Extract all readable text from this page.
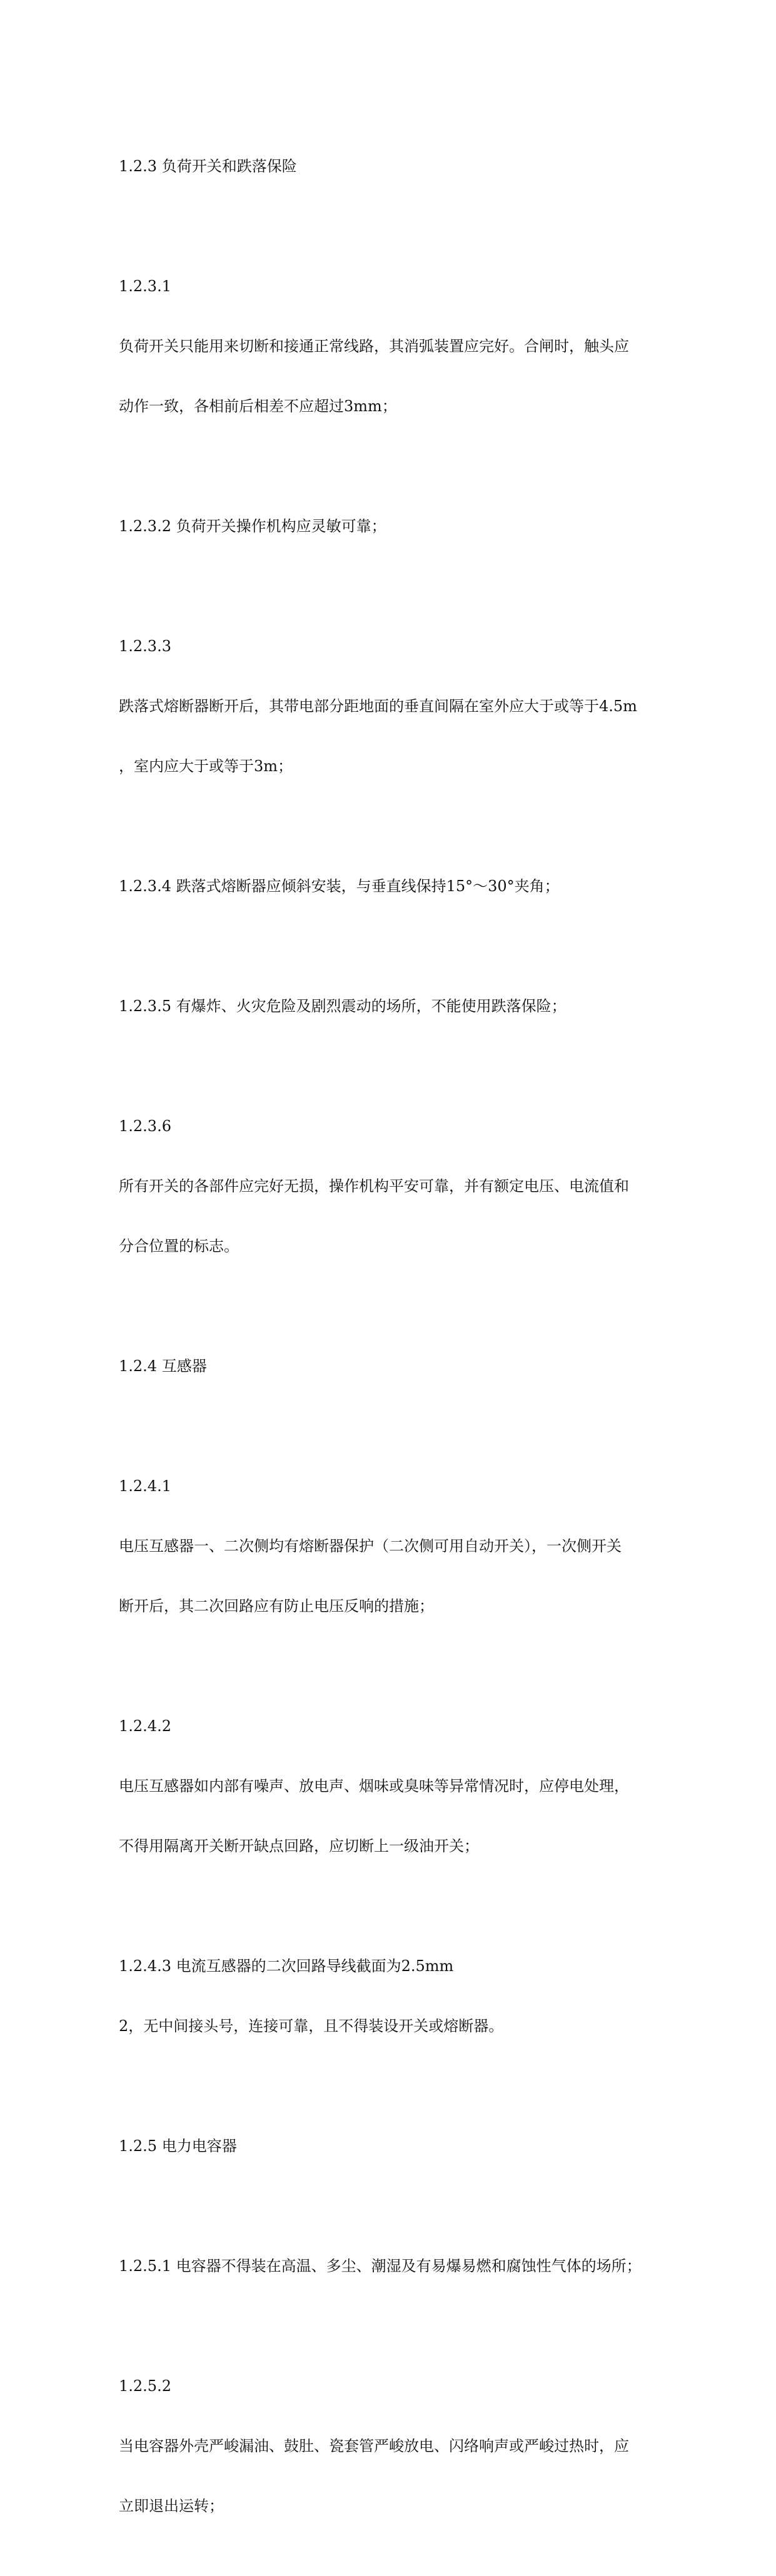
1.2.3 负荷开关和跌落保险

1.2.3.1

负荷开关只能用来切断和接通正常线路，其消弧装置应完好。合闸时，触头应

动作一致，各相前后相差不应超过3mm；

1.2.3.2 负荷开关操作机构应灵敏可靠；

1.2.3.3

跌落式熔断器断开后，其带电部分距地面的垂直间隔在室外应大于或等于4.5m

，室内应大于或等于3m；

1.2.3.4 跌落式熔断器应倾斜安装，与垂直线保持15°～30°夹角；

1.2.3.5 有爆炸、火灾危险及剧烈震动的场所，不能使用跌落保险；

1.2.3.6

所有开关的各部件应完好无损，操作机构平安可靠，并有额定电压、电流值和

分合位置的标志。

1.2.4 互感器

1.2.4.1

电压互感器一、二次侧均有熔断器保护（二次侧可用自动开关），一次侧开关

断开后，其二次回路应有防止电压反响的措施；

1.2.4.2

电压互感器如内部有噪声、放电声、烟味或臭味等异常情况时，应停电处理，

不得用隔离开关断开缺点回路，应切断上一级油开关；

1.2.4.3 电流互感器的二次回路导线截面为2.5mm

2，无中间接头号，连接可靠，且不得装设开关或熔断器。

1.2.5 电力电容器

1.2.5.1 电容器不得装在高温、多尘、潮湿及有易爆易燃和腐蚀性气体的场所；

1.2.5.2

当电容器外壳严峻漏油、鼓肚、瓷套管严峻放电、闪络响声或严峻过热时，应

立即退出运转；
